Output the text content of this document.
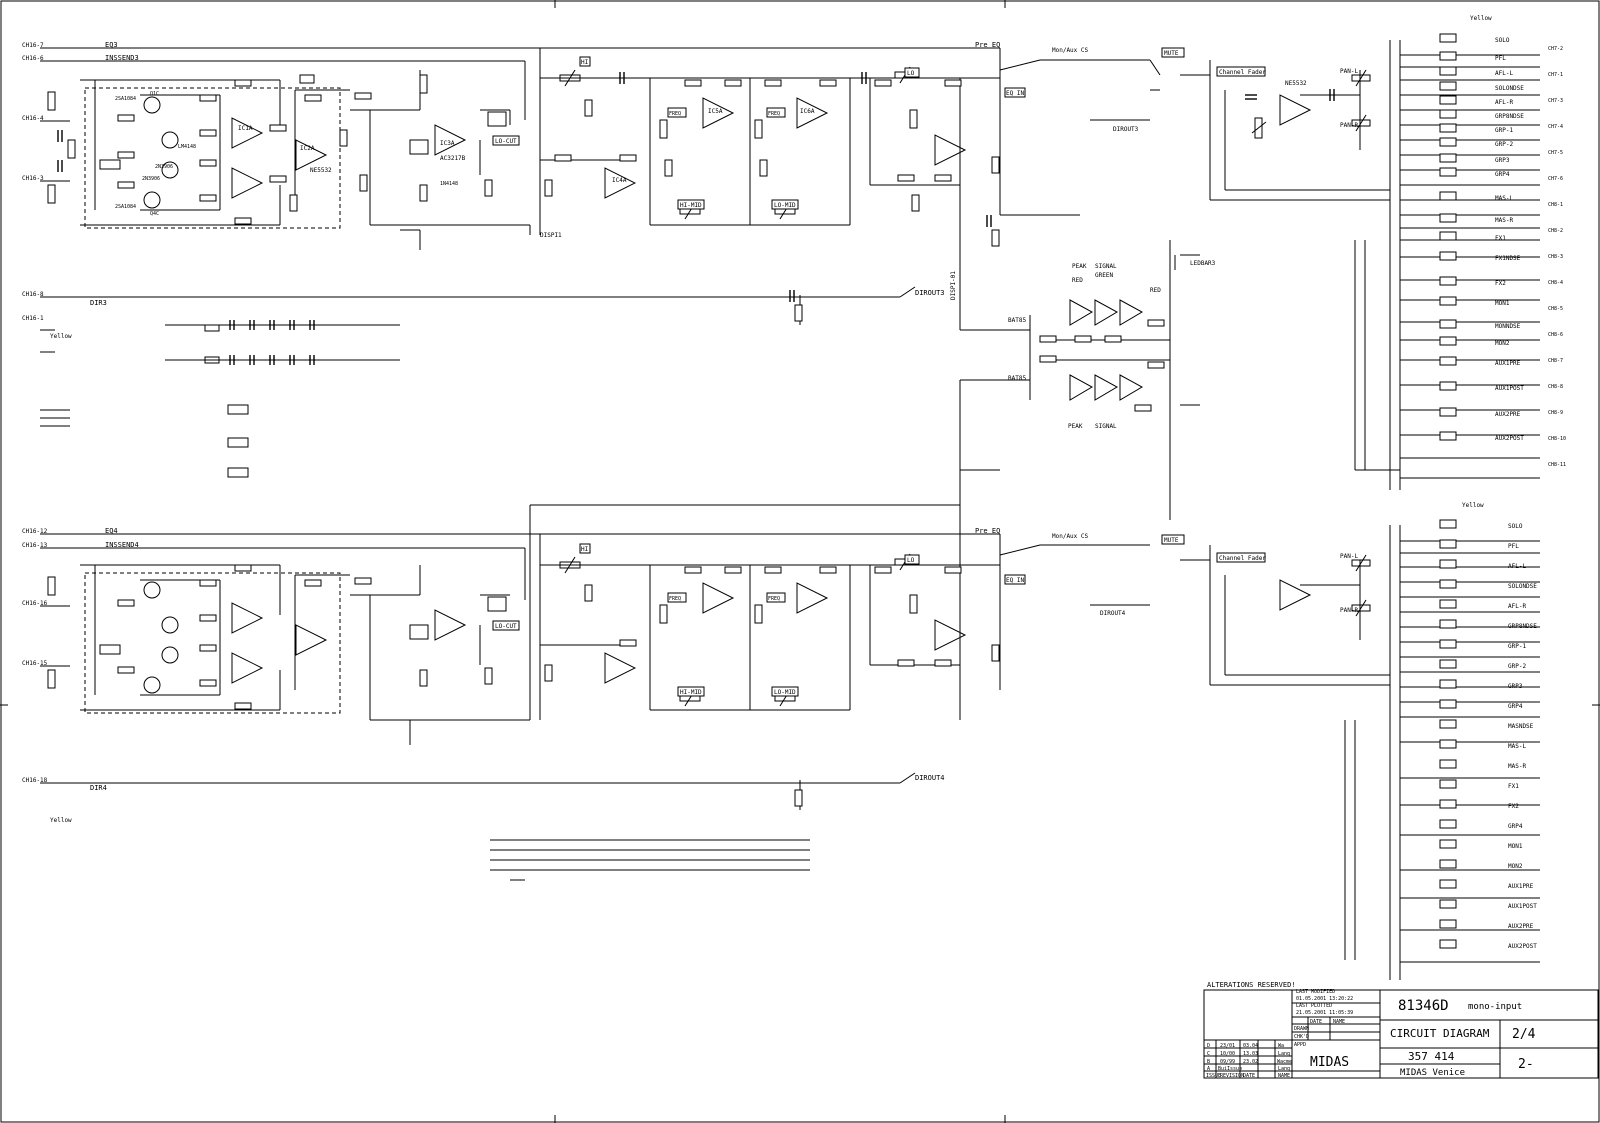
CH16-7
CH16-6
CH16-4
CH16-3
CH16-8
CH16-1
EQ3
INSSEND3
DIR3
DIROUT3
DISPI1
Pre EQ
Mon/Aux CS
IC1A
IC2A
IC3A
IC4A
IC5A	IC6A
NE5532
AC3217B
NE5532
2SA1084
2N3906
2N3906
2SA1084
Q1C
Q4C
LM4148
1N4148
LO-CUT
HI
FREQ	FREQ
HI-MID	LO-MID
LO
EQ IN
MUTE
Channel Fader	PAN-L
PAN-R
Yellow
DIROUT3
PEAK SIGNAL
PEAK SIGNAL
RED
RED
GREEN
BAT85
BAT85
LEDBAR3
DISPI-01
SOLO
PFL
AFL-L
SOLONDSE
AFL-R
GRP8NDSE
GRP-1
GRP-2
GRP3
GRP4
MAS-L
MAS-R
FX1
FX1NDSE
FX2
MON1
MONNDSE
MON2
AUX1PRE
AUX1POST
AUX2PRE
AUX2POST
CH7-2
CH7-1
CH7-3
CH7-4
CH7-5
CH7-6
CH8-1
CH8-2
CH8-3
CH8-4
CH8-5
CH8-6
CH8-7
CH8-8
CH8-9
CH8-10
CH8-11
Yellow
CH16-12
CH16-13
CH16-16
CH16-15
CH16-18
EQ4
INSSEND4
DIR4
DIROUT4
Pre EQ
Mon/Aux CS
DIROUT4
LO-CUT
HI
FREQ	FREQ
HI-MID	LO-MID
LO
EQ IN
MUTE
Channel Fader	PAN-L
PAN-R
Yellow
Yellow
SOLO
PFL
AFL-L
SOLONDSE
AFL-R
GRP8NDSE
GRP-1
GRP-2
GRP3
GRP4
MASNDSE
MAS-L
MAS-R
FX1
FX2
GRP4
MON1
MON2
AUX1PRE
AUX1POST
AUX2PRE
AUX2POST
ALTERATIONS RESERVED!
LAST MODIFIED
01.05.2001 13:20:22
LAST PLOTTED
21.05.2001 11:05:39
DATE NAME
DRAWN
CHK'D
APPD
D 23/01 03.04	Wa
C 10/00 13.03	Lang
B 09/99 23.02	Wacme
A BuiIssue	Lang
ISSUE
REVISION
DATE	NAME
81346D mono-input
CIRCUIT DIAGRAM 2/4
MIDAS	357 414
MIDAS Venice
2-
